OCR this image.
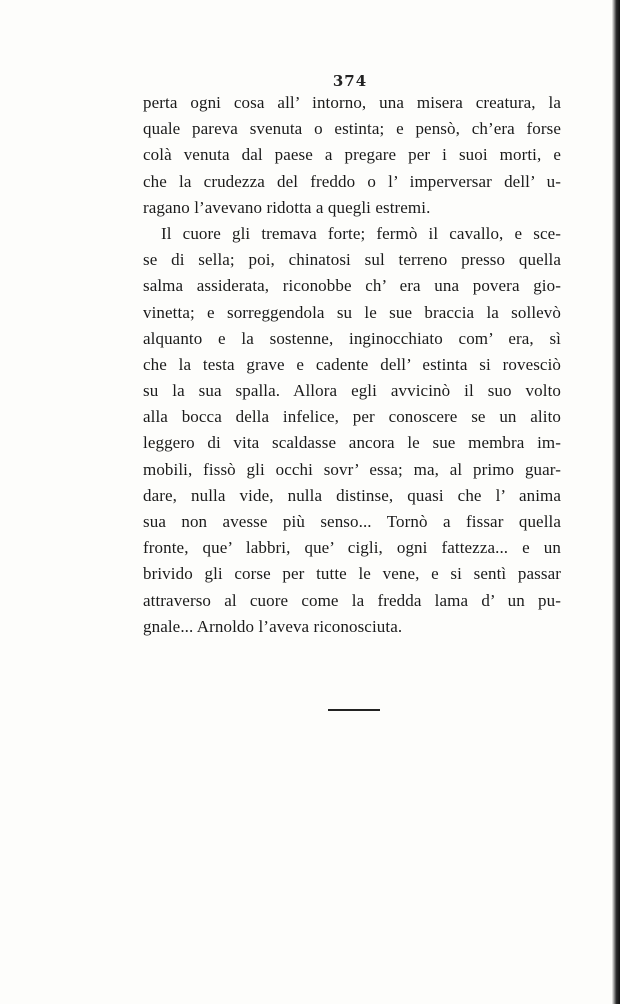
374
perta ogni cosa all’ intorno, una misera creatura, la
quale pareva svenuta o estinta; e pensò, ch’era forse
colà venuta dal paese a pregare per i suoi morti, e
che la crudezza del freddo o l’ imperversar dell’ u-
ragano l’avevano ridotta a quegli estremi.
Il cuore gli tremava forte; fermò il cavallo, e sce-
se di sella; poi, chinatosi sul terreno presso quella
salma assiderata, riconobbe ch’ era una povera gio-
vinetta; e sorreggendola su le sue braccia la sollevò
alquanto e la sostenne, inginocchiato com’ era, sì
che la testa grave e cadente dell’ estinta si rovesciò
su la sua spalla. Allora egli avvicinò il suo volto
alla bocca della infelice, per conoscere se un alito
leggero di vita scaldasse ancora le sue membra im-
mobili, fissò gli occhi sovr’ essa; ma, al primo guar-
dare, nulla vide, nulla distinse, quasi che l’ anima
sua non avesse più senso... Tornò a fissar quella
fronte, que’ labbri, que’ cigli, ogni fattezza... e un
brivido gli corse per tutte le vene, e si sentì passar
attraverso al cuore come la fredda lama d’ un pu-
gnale... Arnoldo l’aveva riconosciuta.
